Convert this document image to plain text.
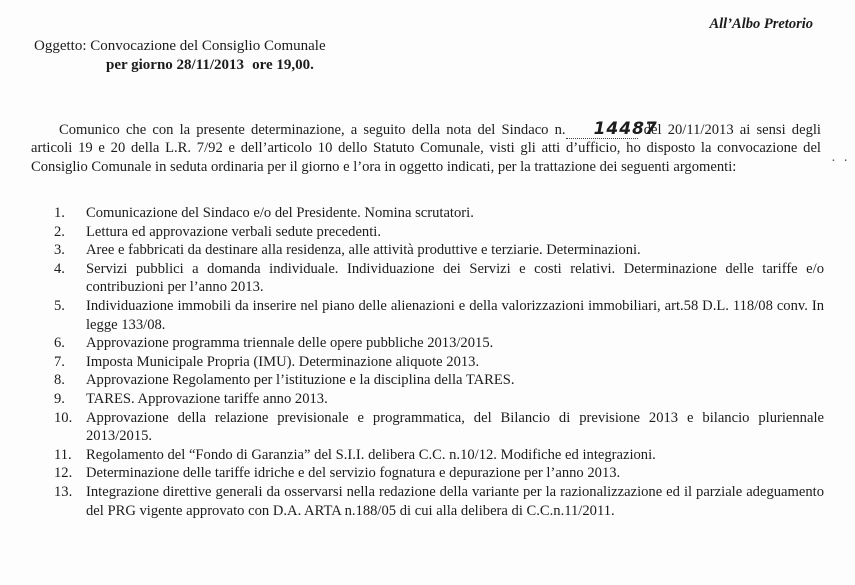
All’Albo Pretorio
Oggetto: Convocazione del Consiglio Comunale
per giorno 28/11/2013 ore 19,00.
· ·
Comunico che con la presente determinazione, a seguito della nota del Sindaco n. 14487 del 20/11/2013 ai sensi degli articoli 19 e 20 della L.R. 7/92 e dell’articolo 10 dello Statuto Comunale, visti gli atti d’ufficio, ho disposto la convocazione del Consiglio Comunale in seduta ordinaria per il giorno e l’ora in oggetto indicati, per la trattazione dei seguenti argomenti:
1. Comunicazione del Sindaco e/o del Presidente. Nomina scrutatori.
2. Lettura ed approvazione verbali sedute precedenti.
3. Aree e fabbricati da destinare alla residenza, alle attività produttive e terziarie. Determinazioni.
4. Servizi pubblici a domanda individuale. Individuazione dei Servizi e costi relativi. Determinazione delle tariffe e/o contribuzioni per l’anno 2013.
5. Individuazione immobili da inserire nel piano delle alienazioni e della valorizzazioni immobiliari, art.58 D.L. 118/08 conv. In legge 133/08.
6. Approvazione programma triennale delle opere pubbliche 2013/2015.
7. Imposta Municipale Propria (IMU). Determinazione aliquote 2013.
8. Approvazione Regolamento per l’istituzione e la disciplina della TARES.
9. TARES. Approvazione tariffe anno 2013.
10. Approvazione della relazione previsionale e programmatica, del Bilancio di previsione 2013 e bilancio pluriennale 2013/2015.
11. Regolamento del “Fondo di Garanzia” del S.I.I. delibera C.C. n.10/12. Modifiche ed integrazioni.
12. Determinazione delle tariffe idriche e del servizio fognatura e depurazione per l’anno 2013.
13. Integrazione direttive generali da osservarsi nella redazione della variante per la razionalizzazione ed il parziale adeguamento del PRG vigente approvato con D.A. ARTA n.188/05 di cui alla delibera di C.C.n.11/2011.
